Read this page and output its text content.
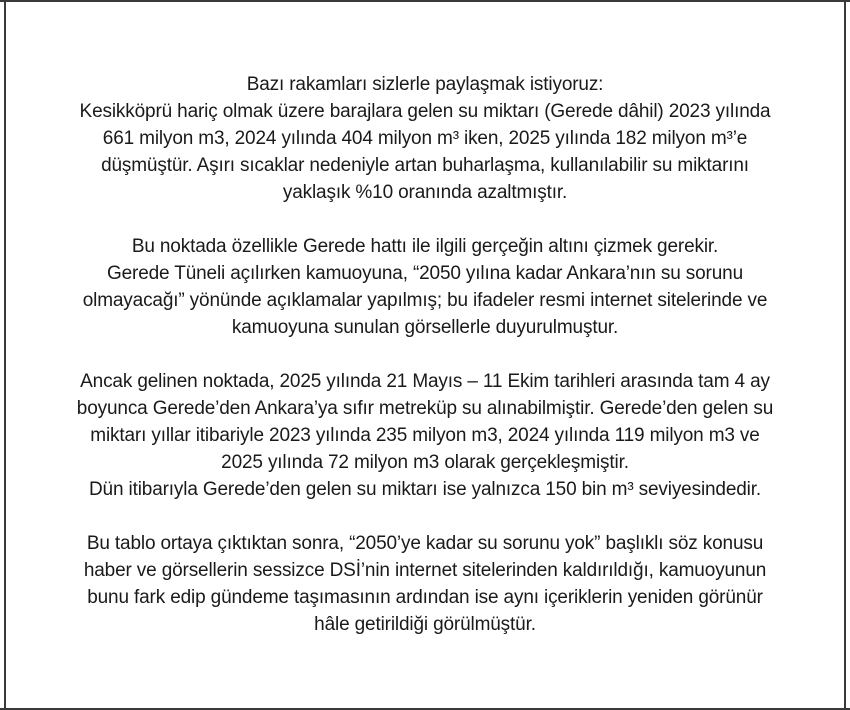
Bazı rakamları sizlerle paylaşmak istiyoruz:
Kesikköprü hariç olmak üzere barajlara gelen su miktarı (Gerede dâhil) 2023 yılında
661 milyon m3, 2024 yılında 404 milyon m³ iken, 2025 yılında 182 milyon m³’e
düşmüştür. Aşırı sıcaklar nedeniyle artan buharlaşma, kullanılabilir su miktarını
yaklaşık %10 oranında azaltmıştır.

Bu noktada özellikle Gerede hattı ile ilgili gerçeğin altını çizmek gerekir.
Gerede Tüneli açılırken kamuoyuna, “2050 yılına kadar Ankara’nın su sorunu
olmayacağı” yönünde açıklamalar yapılmış; bu ifadeler resmi internet sitelerinde ve
kamuoyuna sunulan görsellerle duyurulmuştur.

Ancak gelinen noktada, 2025 yılında 21 Mayıs – 11 Ekim tarihleri arasında tam 4 ay
boyunca Gerede’den Ankara’ya sıfır metreküp su alınabilmiştir. Gerede’den gelen su
miktarı yıllar itibariyle 2023 yılında 235 milyon m3, 2024 yılında 119 milyon m3 ve
2025 yılında 72 milyon m3 olarak gerçekleşmiştir.
Dün itibarıyla Gerede’den gelen su miktarı ise yalnızca 150 bin m³ seviyesindedir.

Bu tablo ortaya çıktıktan sonra, “2050’ye kadar su sorunu yok” başlıklı söz konusu
haber ve görsellerin sessizce DSİ’nin internet sitelerinden kaldırıldığı, kamuoyunun
bunu fark edip gündeme taşımasının ardından ise aynı içeriklerin yeniden görünür
hâle getirildiği görülmüştür.
